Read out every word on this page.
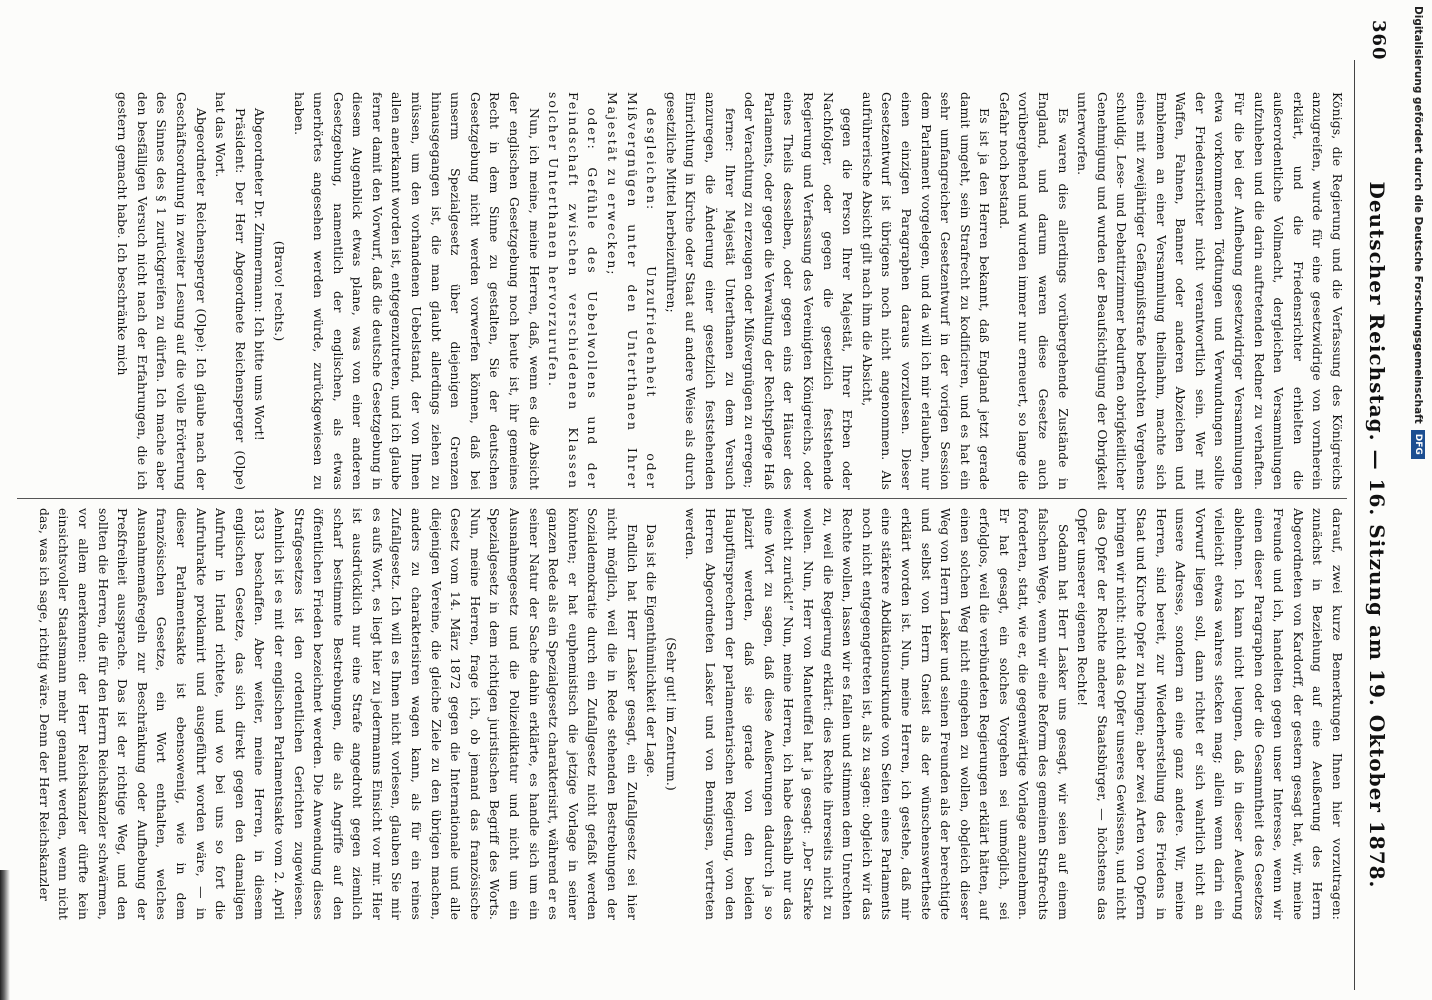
360
Deutscher Reichstag. — 16. Sitzung am 19. Oktober 1878.

Königs, die Regierung und die Verfassung des Königreichs anzugreifen, wurde für eine gesetzwidrige von vornherein erklärt, und die Friedensrichter erhielten die außerordentliche Vollmacht, dergleichen Versammlungen aufzuheben und die darin auftretenden Redner zu verhaften. Für die bei der Aufhebung gesetzwidriger Versammlungen etwa vorkommenden Tödtungen und Verwundungen sollte der Friedensrichter nicht verantwortlich sein. Wer mit Waffen, Fahnen, Banner oder anderen Abzeichen und Emblemen an einer Versammlung theilnahm, machte sich eines mit zweijähriger Gefängnißstrafe bedrohten Vergehens schuldig. Lese- und Debattirzimmer bedurften obrigkeitlicher Genehmigung und wurden der Beaufsichtigung der Obrigkeit unterworfen.

Es waren dies allerdings vorübergehende Zustände in England, und darum waren diese Gesetze auch vorübergehend und wurden immer nur erneuert, so lange die Gefahr noch bestand.

Es ist ja den Herren bekannt, daß England jetzt gerade damit umgeht, sein Strafrecht zu kodificiren, und es hat ein sehr umfangreicher Gesetzentwurf in der vorigen Session dem Parlament vorgelegen, und da will ich mir erlauben, nur einen einzigen Paragraphen daraus vorzulesen. Dieser Gesetzentwurf ist übrigens noch nicht angenommen. Als aufrührerische Absicht gilt nach ihm die Absicht,

gegen die Person Ihrer Majestät, Ihrer Erben oder Nachfolger, oder gegen die gesetzlich feststehende Regierung und Verfassung des Vereinigten Königreichs, oder eines Theils desselben, oder gegen eins der Häuser des Parlaments, oder gegen die Verwaltung der Rechtspflege Haß oder Verachtung zu erzeugen oder Mißvergnügen zu erregen;

ferner: Ihrer Majestät Unterthanen zu dem Versuch anzuregen, die Änderung einer gesetzlich feststehenden Einrichtung in Kirche oder Staat auf andere Weise als durch gesetzliche Mittel herbeizuführen;

desgleichen: Unzufriedenheit oder Mißvergnügen unter den Unterthanen Ihrer Majestät zu erwecken;

oder: Gefühle des Uebelwollens und der Feindschaft zwischen verschiedenen Klassen solcher Unterthanen hervorzurufen.

Nun, ich meine, meine Herren, daß, wenn es die Absicht der englischen Gesetzgebung noch heute ist, ihr gemeines Recht in dem Sinne zu gestalten, Sie der deutschen Gesetzgebung nicht werden vorwerfen können, daß bei unserm Spezialgesetz über diejenigen Grenzen hinausgegangen ist, die man glaubt allerdings ziehen zu müssen, um den vorhandenen Uebelstand, der von Ihnen allen anerkannt worden ist, entgegenzutreten, und ich glaube ferner damit den Vorwurf, daß die deutsche Gesetzgebung in diesem Augenblick etwas plane, was von einer anderen Gesetzgebung, namentlich der englischen, als etwas unerhörtes angesehen werden würde, zurückgewiesen zu haben.

(Bravo! rechts.)

Abgeordneter Dr. Zimmermann: Ich bitte ums Wort!

Präsident: Der Herr Abgeordnete Reichensperger (Olpe) hat das Wort.

Abgeordneter Reichensperger (Olpe): Ich glaube nach der Geschäftsordnung in zweiter Lesung auf die volle Erörterung des Sinnes des § 1 zurückgreifen zu dürfen. Ich mache aber den besfälligen Versuch nicht nach der Erfahrungen, die ich gestern gemacht habe. Ich beschränke mich

darauf, zwei kurze Bemerkungen Ihnen hier vorzutragen: zunächst in Beziehung auf eine Aeußerung des Herrn Abgeordneten von Kardorff, der gestern gesagt hat, wir, meine Freunde und ich, handelten gegen unser Interesse, wenn wir einen dieser Paragraphen oder die Gesammtheit des Gesetzes ablehnen. Ich kann nicht leugnen, daß in dieser Aeußerung vielleicht etwas wahres stecken mag; allein wenn darin ein Vorwurf liegen soll, dann richtet er sich wahrlich nicht an unsere Adresse, sondern an eine ganz andere. Wir, meine Herren, sind bereit, zur Wiederherstellung des Friedens in Staat und Kirche Opfer zu bringen; aber zwei Arten von Opfern bringen wir nicht: nicht das Opfer unseres Gewissens, und nicht das Opfer der Rechte anderer Staatsbürger, — höchstens das Opfer unserer eigenen Rechte!

Sodann hat Herr Lasker uns gesagt, wir seien auf einem falschen Wege, wenn wir eine Reform des gemeinen Strafrechts forderten, statt, wie er, die gegenwärtige Vorlage anzunehmen. Er hat gesagt, ein solches Vorgehen sei unmöglich, sei erfolglos, weil die verbündeten Regierungen erklärt hätten, auf einen solchen Weg nicht eingehen zu wollen, obgleich dieser Weg von Herrn Lasker und seinen Freunden als der berechtigte und selbst von Herrn Gneist als der wünschenswertheste erklärt worden ist. Nun, meine Herren, ich gestehe, daß mir eine stärkere Abdikationsurkunde von Seiten eines Parlaments noch nicht entgegengetreten ist, als zu sagen: obgleich wir das Rechte wollen, lassen wir es fallen und stimmen dem Unrechten zu, weil die Regierung erklärt: dies Rechte ihrerseits nicht zu wollen. Nun, Herr von Manteuffel hat ja gesagt: „Der Starke weicht zurück!“ Nun, meine Herren, ich habe deshalb nur das eine Wort zu sagen, daß diese Aeußerungen dadurch ja so plazirt werden, daß sie gerade von den beiden Hauptfürsprechern der parlamentarischen Regierung, von den Herren Abgeordneten Lasker und von Bennigsen, vertreten werden.

(Sehr gut! im Zentrum.)

Das ist die Eigenthümlichkeit der Lage.

Endlich hat Herr Lasker gesagt, ein Zufallgesetz sei hier nicht möglich, weil die in Rede stehenden Bestrebungen der Sozialdemokratie durch ein Zufallgesetz nicht gefaßt werden könnten; er hat euphemistisch die jetzige Vorlage in seiner ganzen Rede als ein Spezialgesetz charakterisirt, während er es seiner Natur der Sache dahin erklärte, es handle sich um ein Ausnahmegesetz und die Polizeidiktatur und nicht um ein Spezialgesetz in dem richtigen juristischen Begriff des Worts. Nun, meine Herren, frage ich, ob jemand das französische Gesetz vom 14. März 1872 gegen die Internationale und alle diejenigen Vereine, die gleiche Ziele zu den übrigen machen, anders zu charakterisiren wagen kann, als für ein reines Zufallgesetz. Ich will es Ihnen nicht vorlesen, glauben Sie mir es aufs Wort, es liegt hier zu jedermanns Einsicht vor mir. Hier ist ausdrücklich nur eine Strafe angedroht gegen ziemlich scharf bestimmte Bestrebungen, die als Angriffe auf den öffentlichen Frieden bezeichnet werden. Die Anwendung dieses Strafgesetzes ist den ordentlichen Gerichten zugewiesen. Aehnlich ist es mit der englischen Parlamentsakte vom 2. April 1833 beschaffen. Aber weiter, meine Herren, in diesem englischen Gesetze, das sich direkt gegen den damaligen Aufruhr in Irland richtete, und wo bei uns so fort die Aufruhrakte proklamirt und ausgeführt worden wäre, — in dieser Parlamentsakte ist ebensowenig, wie in dem französischen Gesetze, ein Wort enthalten, welches Ausnahmemaßregeln zur Beschränkung oder Aufhebung der Preßfreiheit aussprache. Das ist der richtige Weg, und den sollten die Herren, die für den Herrn Reichskanzler schwärmen, vor allem anerkennen: der Herr Reichskanzler dürfte kein einsichtsvoller Staatsmann mehr genannt werden, wenn nicht das, was ich sage, richtig wäre. Denn der Herr Reichskanzler

Digitalisierung gefördert durch die Deutsche Forschungsgemeinschaft
DFG
